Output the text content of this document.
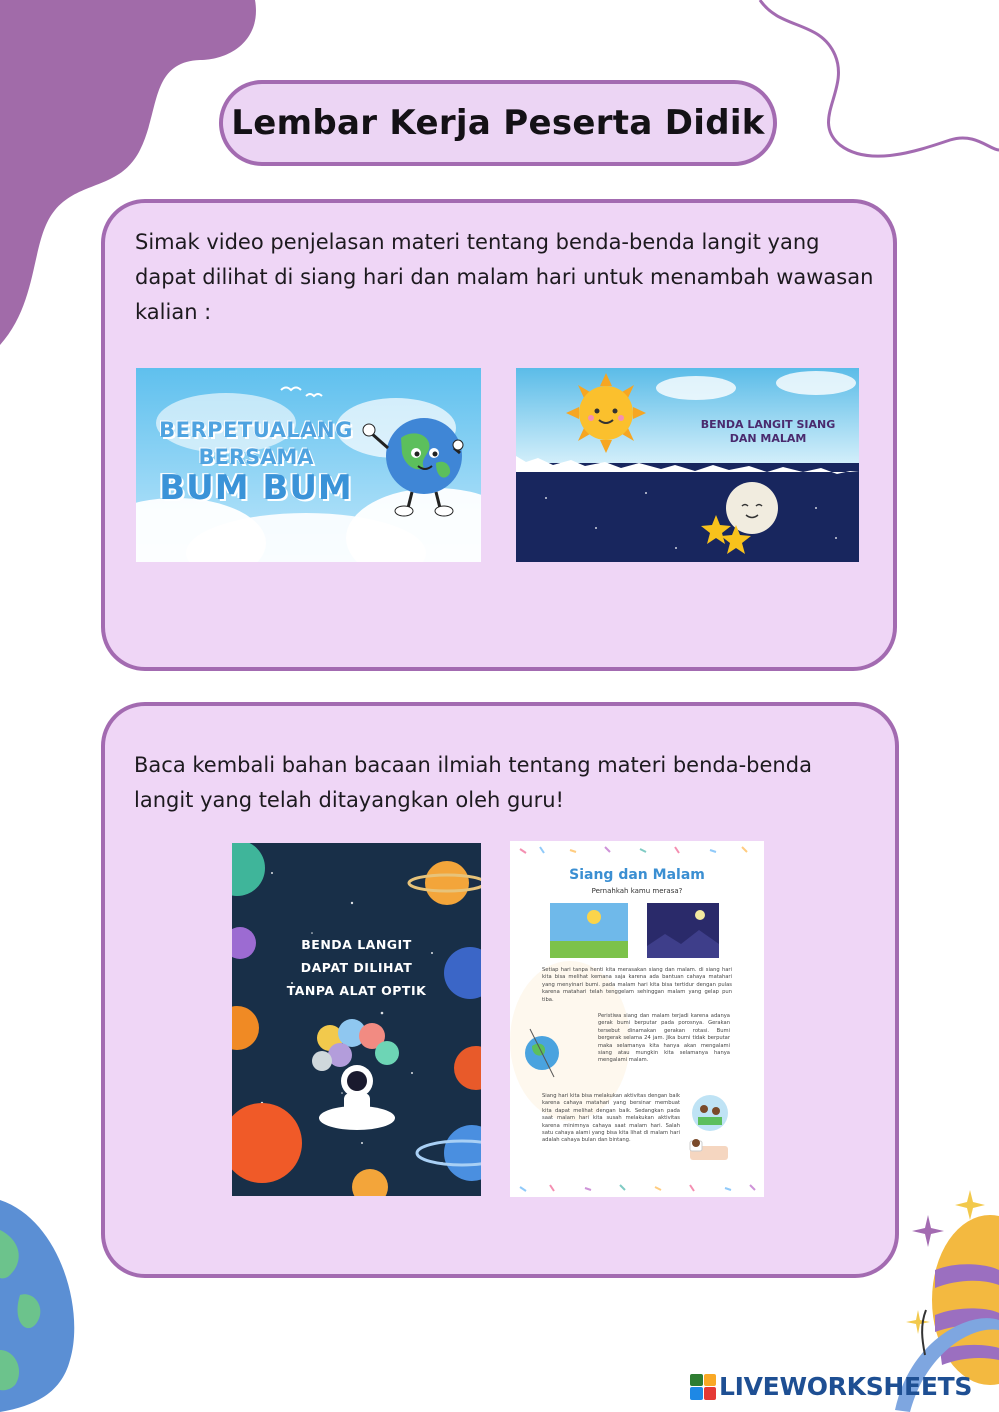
Lembar Kerja Peserta Didik

Simak video penjelasan materi tentang benda-benda langit yang dapat dilihat di siang hari dan malam hari untuk menambah wawasan kalian :

BERPETUALANG
BERSAMA
BUM BUM
BENDA LANGIT SIANG DAN MALAM

Baca kembali bahan bacaan ilmiah tentang materi benda-benda langit yang telah ditayangkan oleh guru!

BENDA LANGIT
DAPAT DILIHAT
TANPA ALAT OPTIK
Siang dan Malam
Pernahkah kamu merasa?
Setiap hari tanpa henti kita merasakan siang dan malam. di siang hari kita bisa melihat kemana saja karena ada bantuan cahaya matahari yang menyinari bumi. pada malam hari kita bisa tertidur dengan pulas karena matahari telah tenggelam sehinggan malam yang gelap pun tiba.
Peristiwa siang dan malam terjadi karena adanya gerak bumi berputar pada porosnya. Gerakan tersebut dinamakan gerakan rotasi. Bumi bergerak selama 24 jam. Jika bumi tidak berputar maka selamanya kita hanya akan mengalami siang atau mungkin kita selamanya hanya mengalami malam.
Siang hari kita bisa melakukan aktivitas dengan baik karena cahaya matahari yang bersinar membuat kita dapat melihat dengan baik. Sedangkan pada saat malam hari kita susah melakukan aktivitas karena minimnya cahaya saat malam hari. Salah satu cahaya alami yang bisa kita lihat di malam hari adalah cahaya bulan dan bintang.
LIVEWORKSHEETS
